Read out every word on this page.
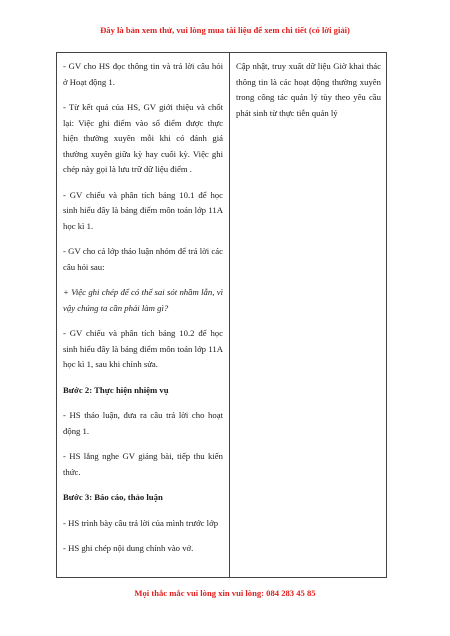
Đây là bản xem thử, vui lòng mua tài liệu để xem chi tiết (có lời giải)

- GV cho HS đọc thông tin và trả lời câu hỏi ở Hoạt động 1.

- Từ kết quả của HS, GV giới thiệu và chốt lại: Việc ghi điểm vào sổ điểm được thực hiện thường xuyên mỗi khi có đánh giá thường xuyên giữa kỳ hay cuối kỳ. Việc ghi chép này gọi là lưu trữ dữ liệu điểm .

- GV chiếu và phân tích bảng 10.1 để học sinh hiểu đây là bảng điểm môn toán lớp 11A học kì 1.

- GV cho cả lớp thảo luận nhóm để trả lời các câu hỏi sau:

+ Việc ghi chép để có thể sai sót nhầm lẫn, vì vậy chúng ta cần phải làm gì?

- GV chiếu và phân tích bảng 10.2 để học sinh hiểu đây là bảng điểm môn toán lớp 11A học kì 1, sau khi chỉnh sửa.

Bước 2: Thực hiện nhiệm vụ

- HS thảo luận, đưa ra câu trả lời cho hoạt động 1.

- HS lắng nghe GV giảng bài, tiếp thu kiến thức.

Bước 3: Báo cáo, thảo luận

- HS trình bày câu trả lời của mình trước lớp

- HS ghi chép nội dung chính vào vở.

Cập nhật, truy xuất dữ liệu Giờ khai thác thông tin là các hoạt động thường xuyên trong công tác quản lý tùy theo yêu cầu phát sinh từ thực tiễn quản lý

Mọi thắc mắc vui lòng xin vui lòng: 084 283 45 85
